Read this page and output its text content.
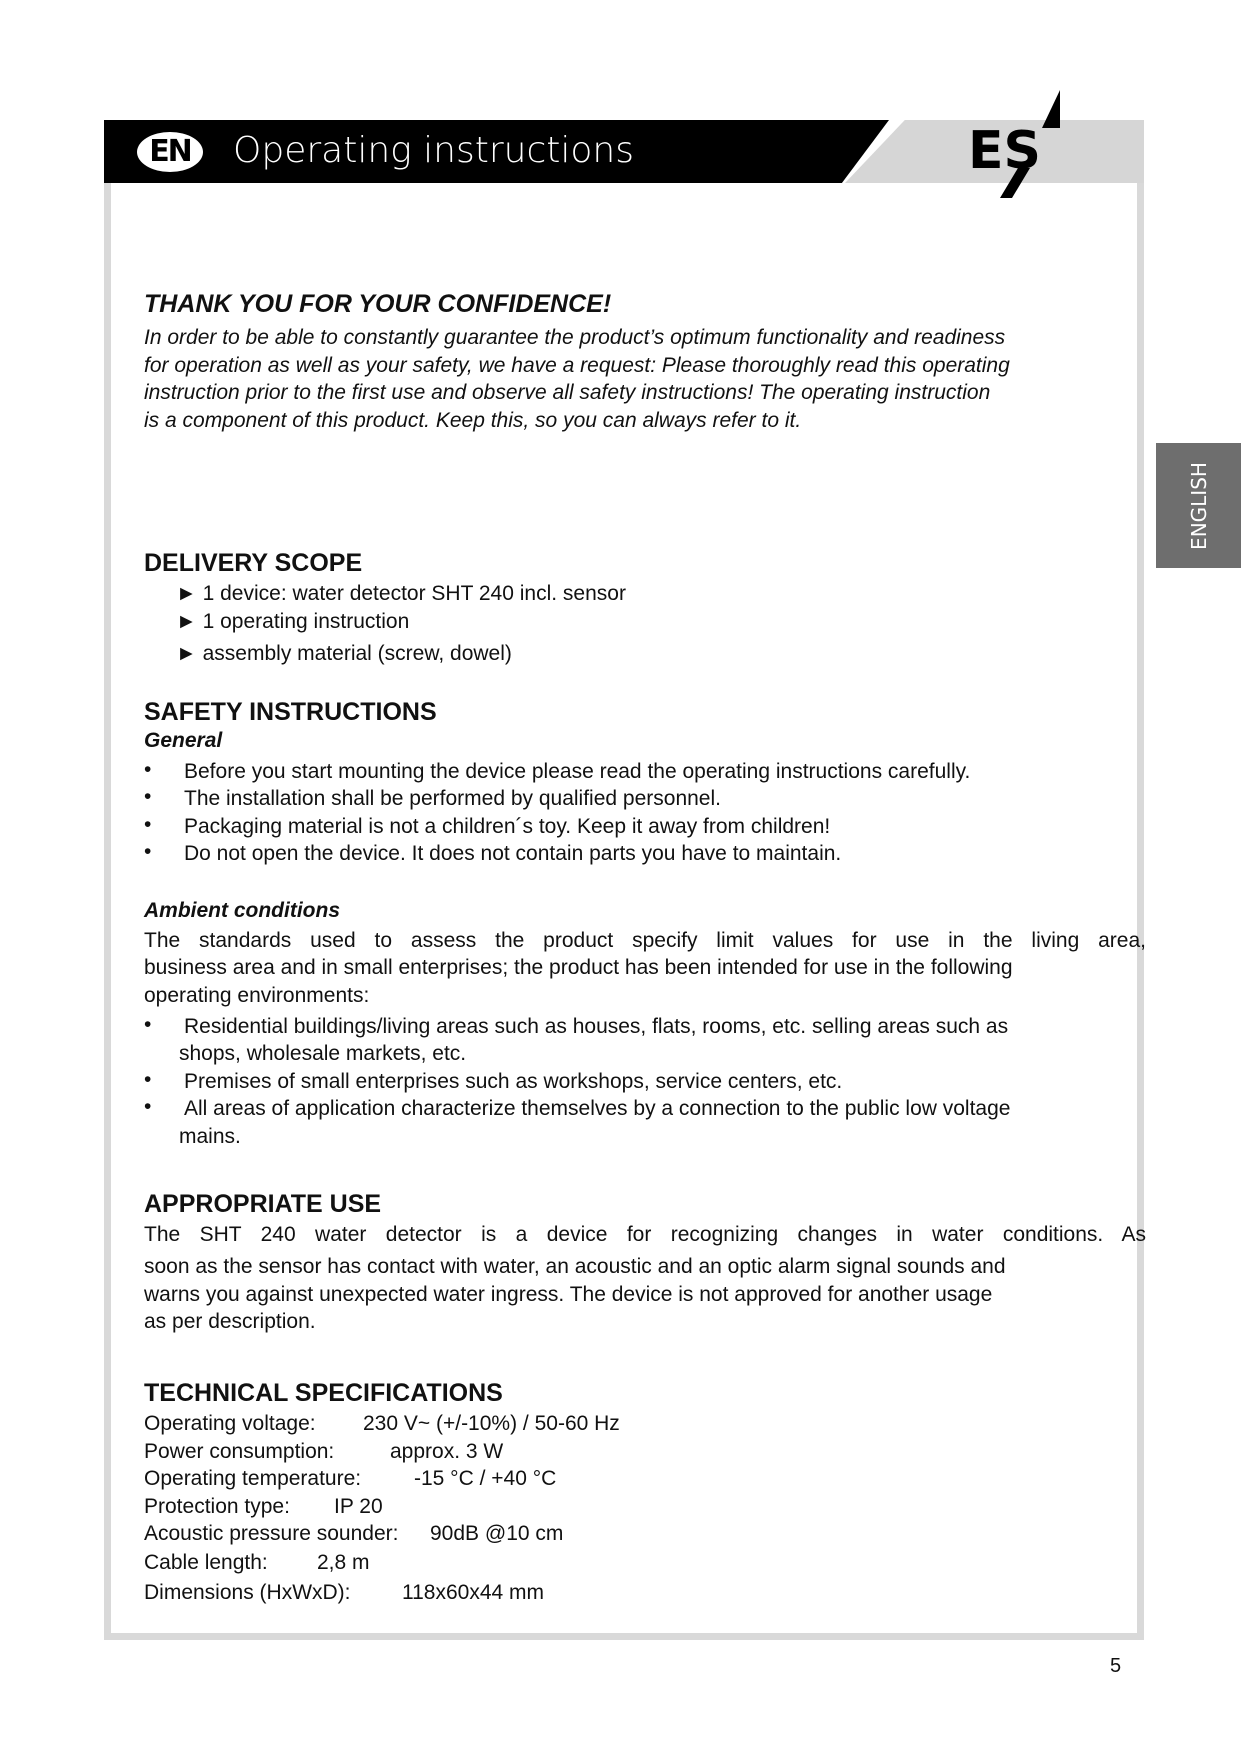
EN	Operating instructions	ES
ENGLISH
THANK YOU FOR YOUR CONFIDENCE!
DELIVERY SCOPE
SAFETY INSTRUCTIONS
General
Ambient conditions
APPROPRIATE USE
TECHNICAL SPECIFICATIONS
5
In order to be able to constantly guarantee the product’s optimum functionality and readiness
for operation as well as your safety, we have a request: Please thoroughly read this operating
instruction prior to the first use and observe all safety instructions! The operating instruction
is a component of this product. Keep this, so you can always refer to it.
► 1 device: water detector SHT 240 incl. sensor
► 1 operating instruction
► assembly material (screw, dowel)
• Before you start mounting the device please read the operating instructions carefully.
• The installation shall be performed by qualified personnel.
• Packaging material is not a children´s toy. Keep it away from children!
• Do not open the device. It does not contain parts you have to maintain.
The standards used to assess the product specify limit values for use in the living area,
business area and in small enterprises; the product has been intended for use in the following
operating environments:
• Residential buildings/living areas such as houses, flats, rooms, etc. selling areas such as
shops, wholesale markets, etc.
• Premises of small enterprises such as workshops, service centers, etc.
• All areas of application characterize themselves by a connection to the public low voltage
mains.
The SHT 240 water detector is a device for recognizing changes in water conditions. As
soon as the sensor has contact with water, an acoustic and an optic alarm signal sounds and
warns you against unexpected water ingress. The device is not approved for another usage
as per description.
Operating voltage: 230 V~ (+/-10%) / 50-60 Hz
Power consumption:	approx. 3 W
Operating temperature:	-15 °C / +40 °C
Protection type: IP 20
Acoustic pressure sounder: 90dB @10 cm
Cable length: 2,8 m
Dimensions (HxWxD): 118x60x44 mm
